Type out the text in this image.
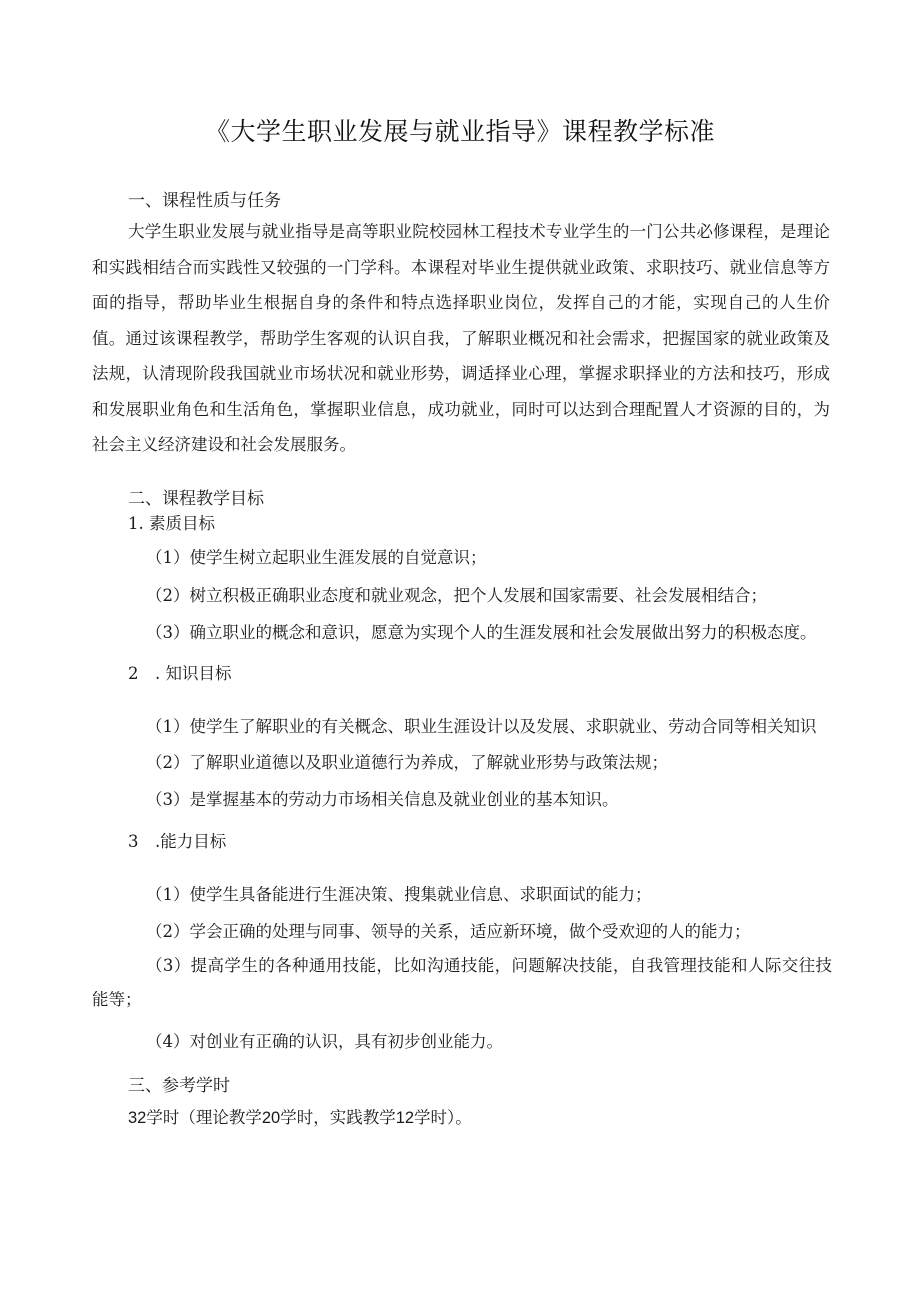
《大学生职业发展与就业指导》课程教学标准
一、课程性质与任务
大学生职业发展与就业指导是高等职业院校园林工程技术专业学生的一门公共必修课程，是理论和实践相结合而实践性又较强的一门学科。本课程对毕业生提供就业政策、求职技巧、就业信息等方面的指导，帮助毕业生根据自身的条件和特点选择职业岗位，发挥自己的才能，实现自己的人生价值。通过该课程教学，帮助学生客观的认识自我，了解职业概况和社会需求，把握国家的就业政策及法规，认清现阶段我国就业市场状况和就业形势，调适择业心理，掌握求职择业的方法和技巧，形成和发展职业角色和生活角色，掌握职业信息，成功就业，同时可以达到合理配置人才资源的目的，为社会主义经济建设和社会发展服务。
二、课程教学目标
1. 素质目标
（1）使学生树立起职业生涯发展的自觉意识；
（2）树立积极正确职业态度和就业观念，把个人发展和国家需要、社会发展相结合；
（3）确立职业的概念和意识，愿意为实现个人的生涯发展和社会发展做出努力的积极态度。
2　. 知识目标
（1）使学生了解职业的有关概念、职业生涯设计以及发展、求职就业、劳动合同等相关知识
（2）了解职业道德以及职业道德行为养成，了解就业形势与政策法规；
（3）是掌握基本的劳动力市场相关信息及就业创业的基本知识。
3　.能力目标
（1）使学生具备能进行生涯决策、搜集就业信息、求职面试的能力；
（2）学会正确的处理与同事、领导的关系，适应新环境，做个受欢迎的人的能力；
（3）提高学生的各种通用技能，比如沟通技能，问题解决技能，自我管理技能和人际交往技能等；
（4）对创业有正确的认识，具有初步创业能力。
三、参考学时
32学时（理论教学20学时，实践教学12学时）。
